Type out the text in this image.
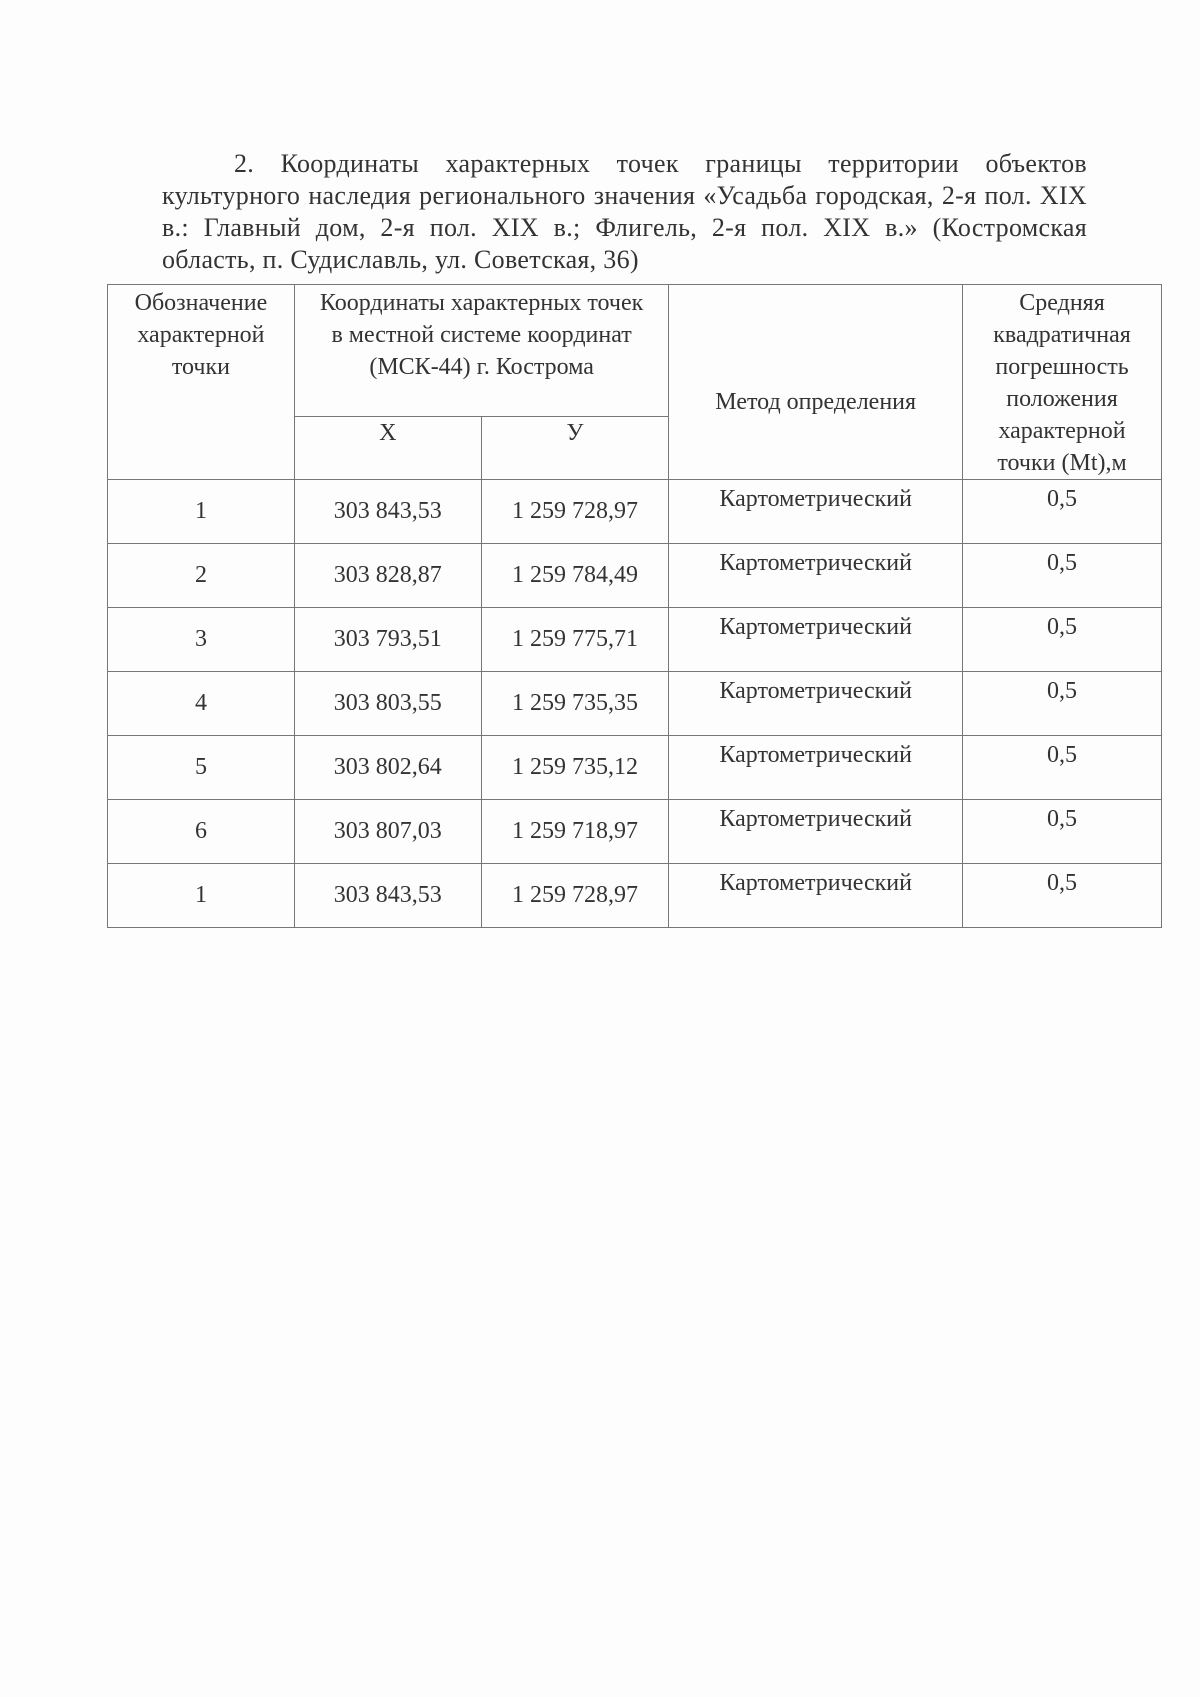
2. Координаты характерных точек границы территории объектов культурного наследия регионального значения «Усадьба городская, 2-я пол. XIX в.: Главный дом, 2-я пол. XIX в.; Флигель, 2-я пол. XIX в.» (Костромская область, п. Судиславль, ул. Советская, 36)

Обозначение характерной точки	Координаты характерных точек в местной системе координат (МСК-44) г. Кострома		Метод определения	Средняя квадратичная погрешность положения характерной точки (Mt),м
	X	У		
1	303 843,53	1 259 728,97	Картометрический	0,5
2	303 828,87	1 259 784,49	Картометрический	0,5
3	303 793,51	1 259 775,71	Картометрический	0,5
4	303 803,55	1 259 735,35	Картометрический	0,5
5	303 802,64	1 259 735,12	Картометрический	0,5
6	303 807,03	1 259 718,97	Картометрический	0,5
1	303 843,53	1 259 728,97	Картометрический	0,5
